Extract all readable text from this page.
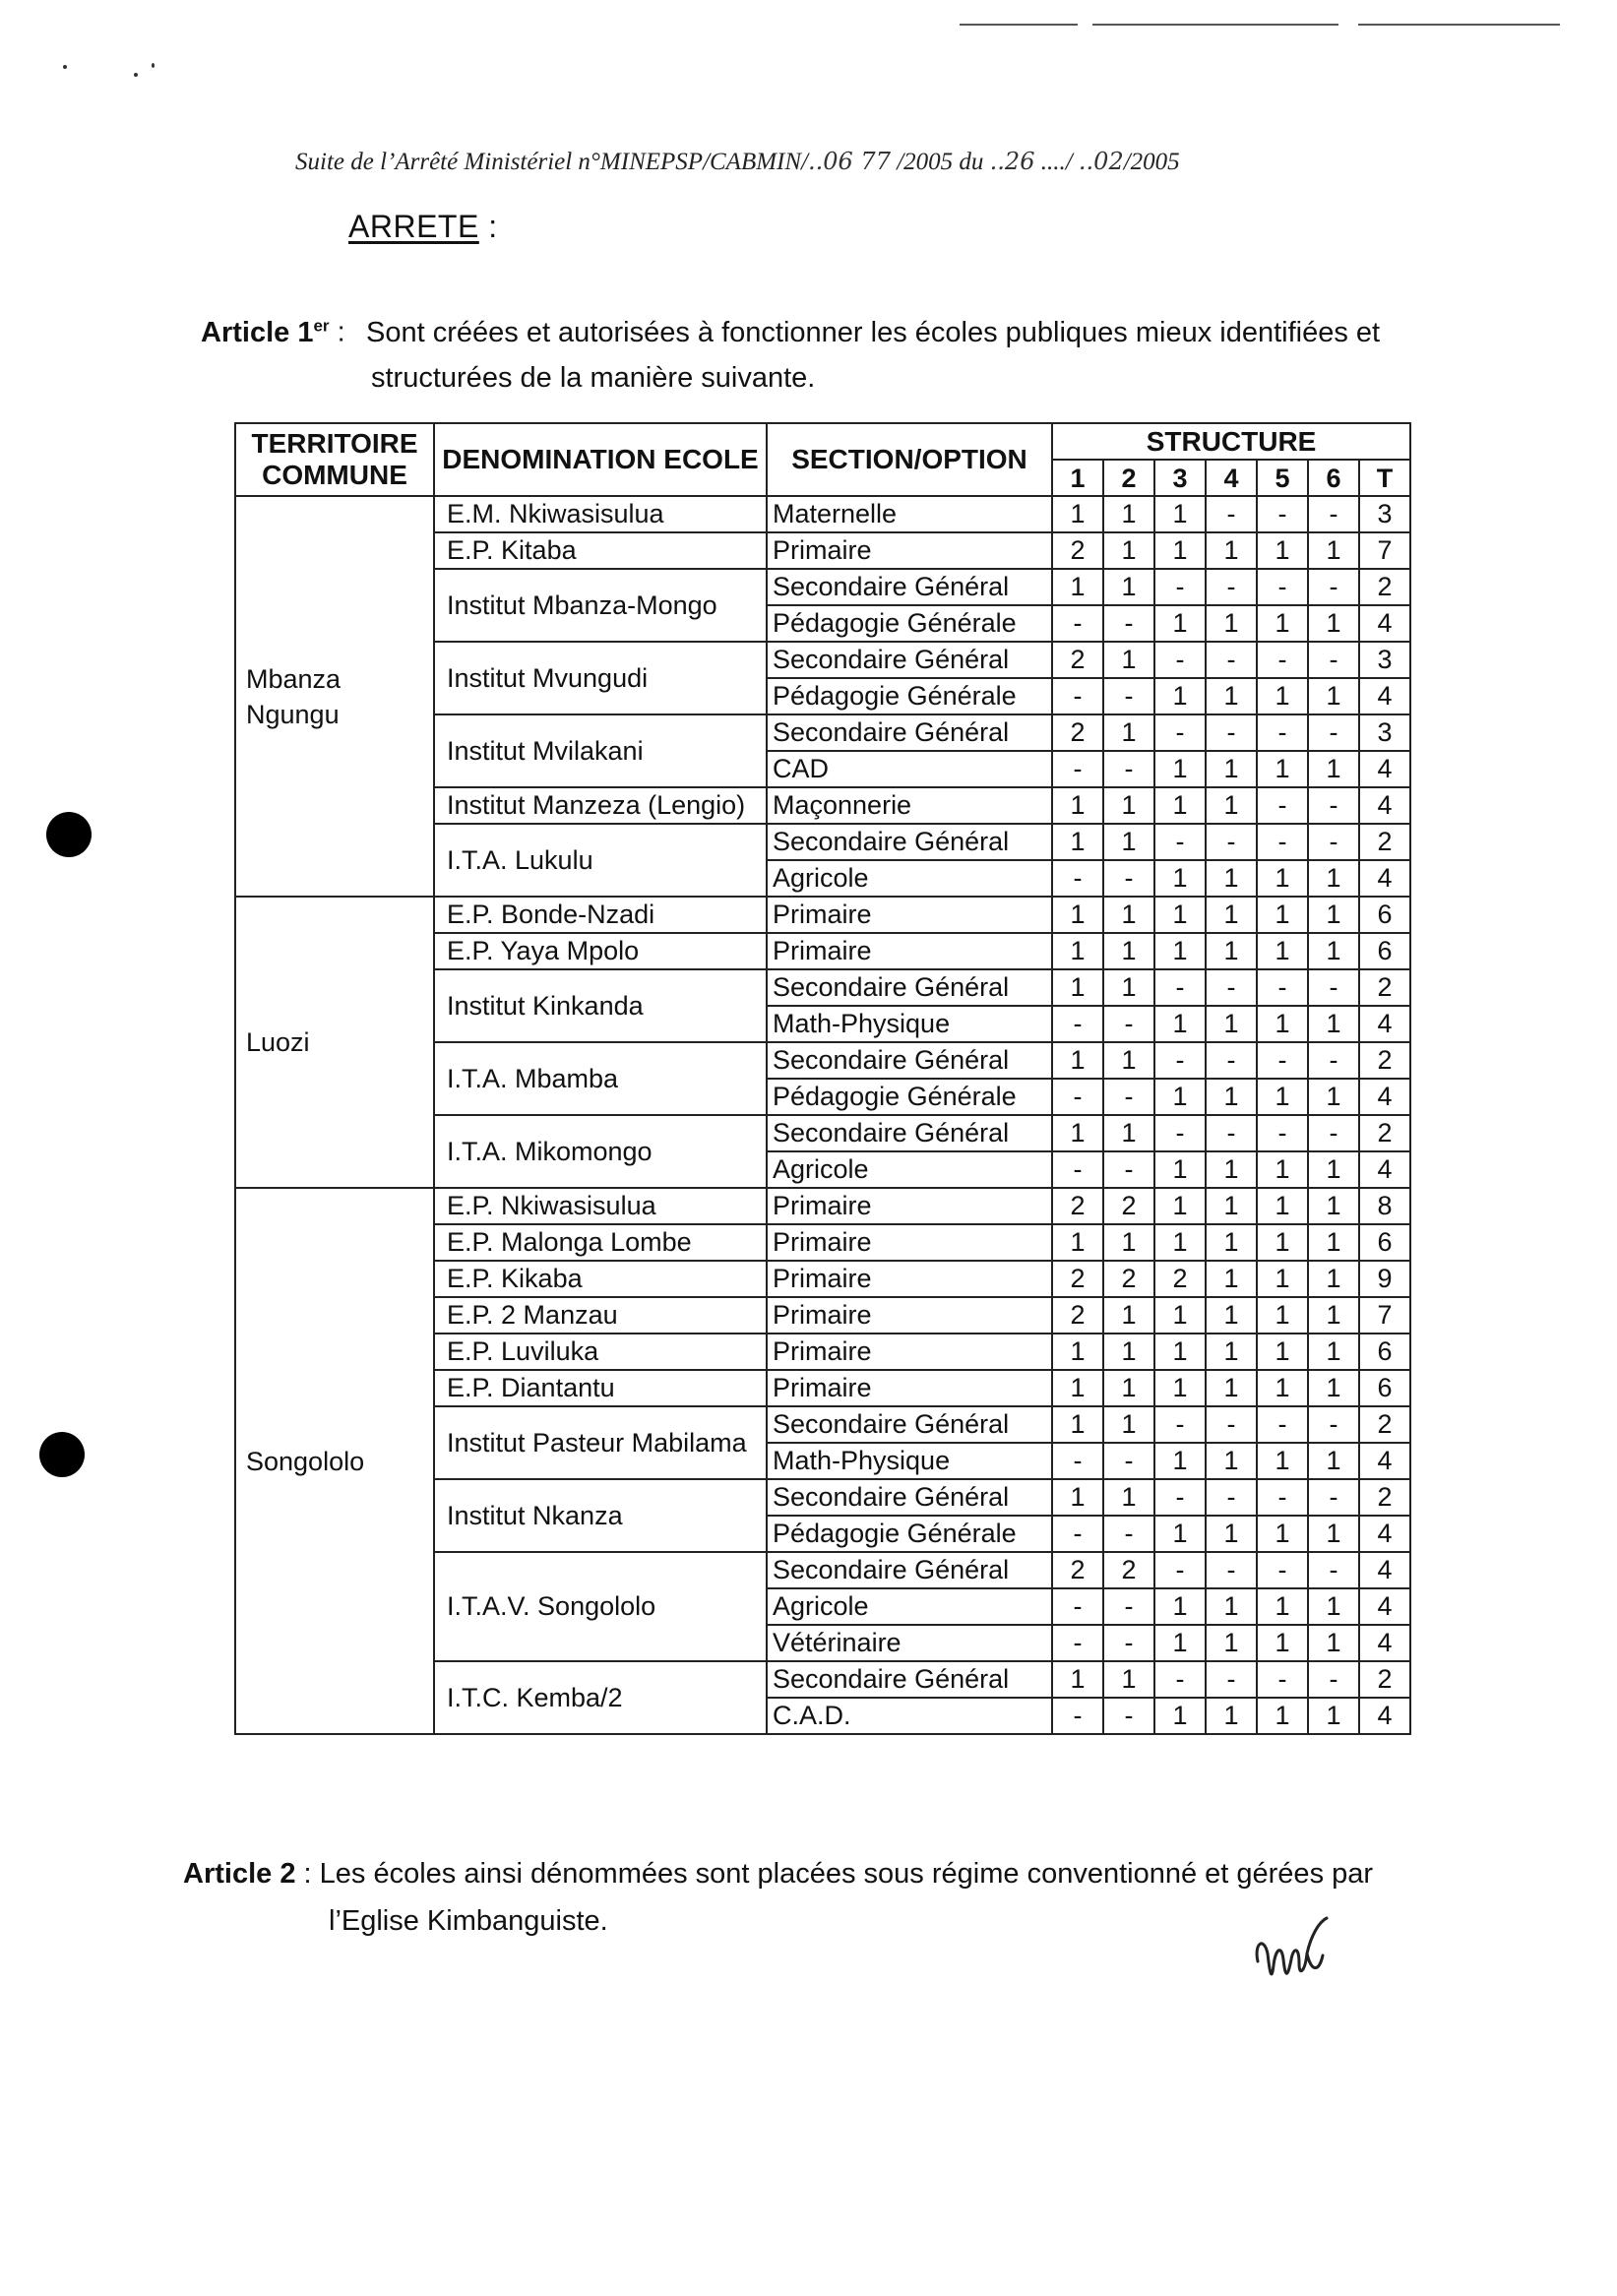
Suite de l’Arrêté Ministériel n°MINEPSP/CABMIN/..06 77 /2005 du ..26 ..../ ..02/2005
ARRETE :
Article 1er : Sont créées et autorisées à fonctionner les écoles publiques mieux identifiées et
structurées de la manière suivante.
TERRITOIRE COMMUNE	DENOMINATION ECOLE	SECTION/OPTION	STRUCTURE						
			1	2	3	4	5	6	T
Mbanza Ngungu	E.M. Nkiwasisulua	Maternelle	1	1	1	-	-	-	3
	E.P. Kitaba	Primaire	2	1	1	1	1	1	7
	Institut Mbanza-Mongo	Secondaire Général	1	1	-	-	-	-	2
		Pédagogie Générale	-	-	1	1	1	1	4
	Institut Mvungudi	Secondaire Général	2	1	-	-	-	-	3
		Pédagogie Générale	-	-	1	1	1	1	4
	Institut Mvilakani	Secondaire Général	2	1	-	-	-	-	3
		CAD	-	-	1	1	1	1	4
	Institut Manzeza (Lengio)	Maçonnerie	1	1	1	1	-	-	4
	I.T.A. Lukulu	Secondaire Général	1	1	-	-	-	-	2
		Agricole	-	-	1	1	1	1	4
Luozi	E.P. Bonde-Nzadi	Primaire	1	1	1	1	1	1	6
	E.P. Yaya Mpolo	Primaire	1	1	1	1	1	1	6
	Institut Kinkanda	Secondaire Général	1	1	-	-	-	-	2
		Math-Physique	-	-	1	1	1	1	4
	I.T.A. Mbamba	Secondaire Général	1	1	-	-	-	-	2
		Pédagogie Générale	-	-	1	1	1	1	4
	I.T.A. Mikomongo	Secondaire Général	1	1	-	-	-	-	2
		Agricole	-	-	1	1	1	1	4
Songololo	E.P. Nkiwasisulua	Primaire	2	2	1	1	1	1	8
	E.P. Malonga Lombe	Primaire	1	1	1	1	1	1	6
	E.P. Kikaba	Primaire	2	2	2	1	1	1	9
	E.P. 2 Manzau	Primaire	2	1	1	1	1	1	7
	E.P. Luviluka	Primaire	1	1	1	1	1	1	6
	E.P. Diantantu	Primaire	1	1	1	1	1	1	6
	Institut Pasteur Mabilama	Secondaire Général	1	1	-	-	-	-	2
		Math-Physique	-	-	1	1	1	1	4
	Institut Nkanza	Secondaire Général	1	1	-	-	-	-	2
		Pédagogie Générale	-	-	1	1	1	1	4
	I.T.A.V. Songololo	Secondaire Général	2	2	-	-	-	-	4
		Agricole	-	-	1	1	1	1	4
		Vétérinaire	-	-	1	1	1	1	4
	I.T.C. Kemba/2	Secondaire Général	1	1	-	-	-	-	2
		C.A.D.	-	-	1	1	1	1	4
Article 2 : Les écoles ainsi dénommées sont placées sous régime conventionné et gérées par
l’Eglise Kimbanguiste.
